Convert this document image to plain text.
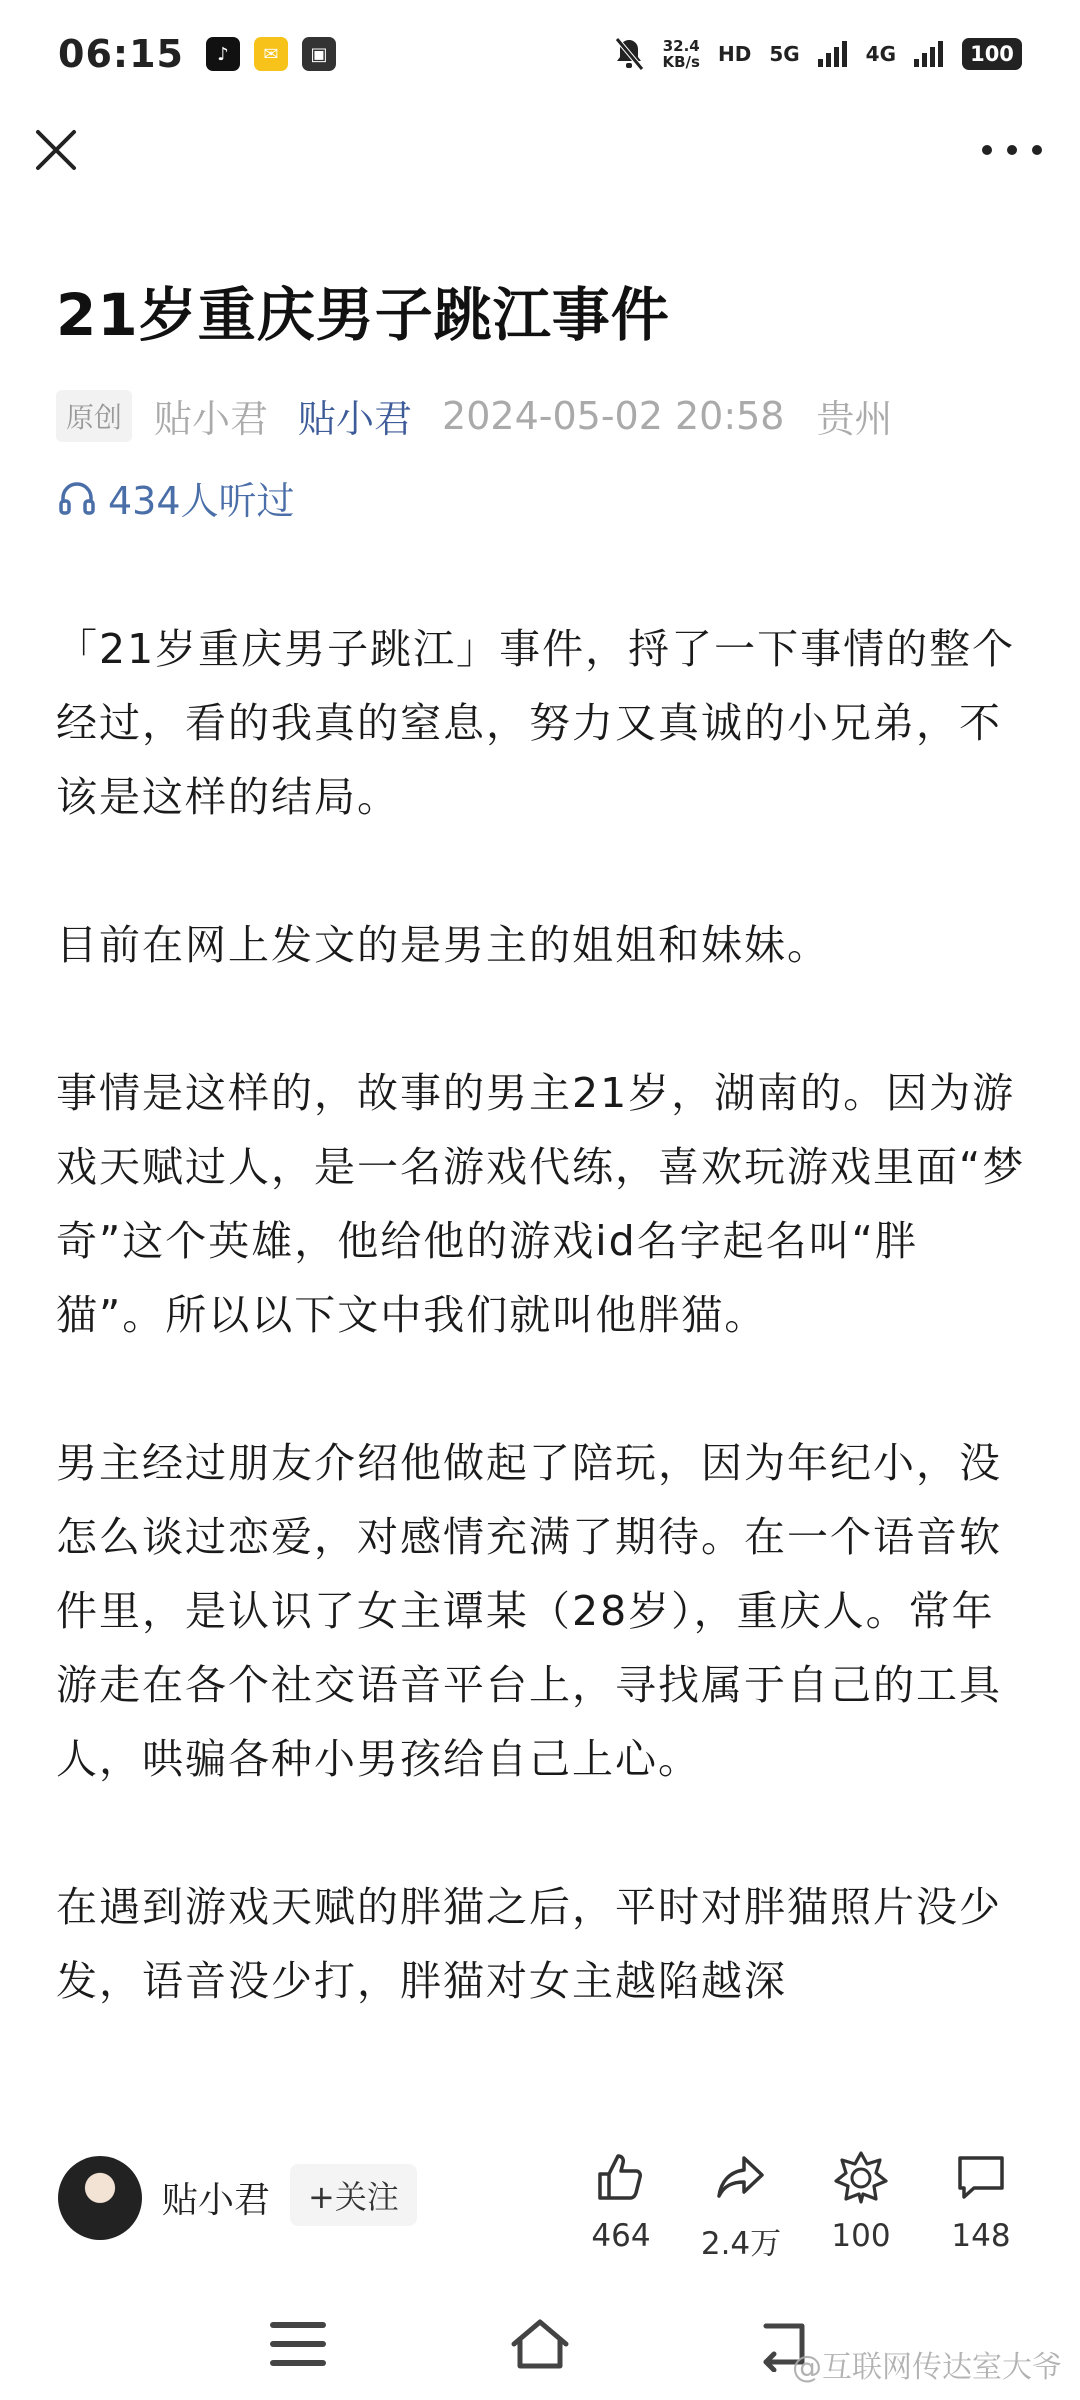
06:15	♪	✉	▣	32.4
KB/s HD 5G	4G	100
21岁重庆男子跳江事件
原创 贴小君 贴小君 2024-05-02 20:58 贵州
434人听过

「21岁重庆男子跳江」事件，捋了一下事情的整个经过，看的我真的窒息，努力又真诚的小兄弟，不该是这样的结局。

目前在网上发文的是男主的姐姐和妹妹。

事情是这样的，故事的男主21岁，湖南的。因为游戏天赋过人，是一名游戏代练，喜欢玩游戏里面“梦奇”这个英雄，他给他的游戏id名字起名叫“胖猫”。所以以下文中我们就叫他胖猫。

男主经过朋友介绍他做起了陪玩，因为年纪小，没怎么谈过恋爱，对感情充满了期待。在一个语音软件里，是认识了女主谭某（28岁），重庆人。常年游走在各个社交语音平台上，寻找属于自己的工具人，哄骗各种小男孩给自己上心。

在遇到游戏天赋的胖猫之后，平时对胖猫照片没少发，语音没少打，胖猫对女主越陷越深

贴小君	+关注
464	2.4万	100	148
@互联网传达室大爷
